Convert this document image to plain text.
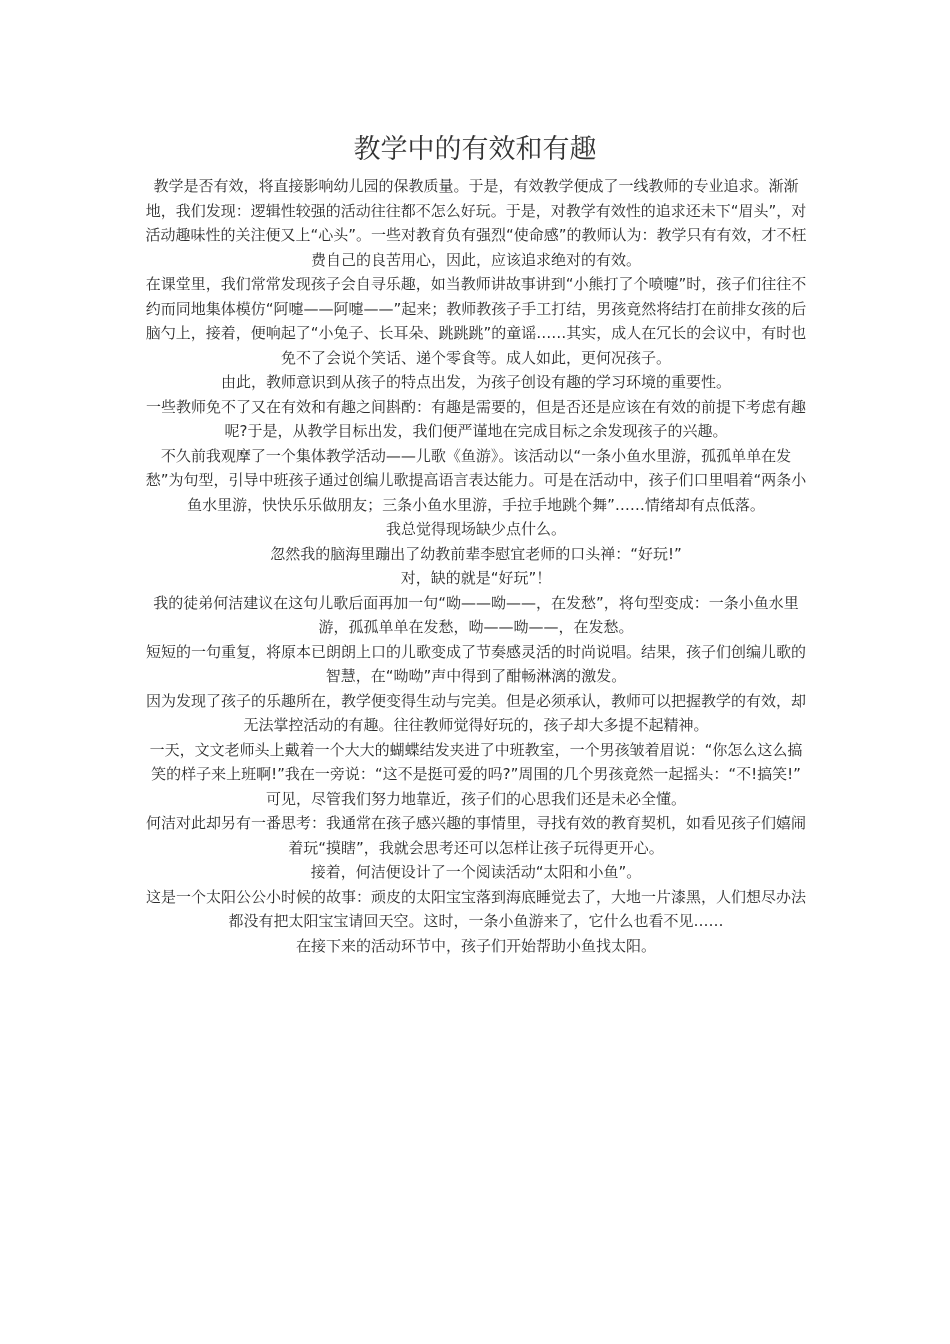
教学中的有效和有趣

教学是否有效，将直接影响幼儿园的保教质量。于是，有效教学便成了一线教师的专业追求。渐渐地，我们发现：逻辑性较强的活动往往都不怎么好玩。于是，对教学有效性的追求还未下“眉头”，对活动趣味性的关注便又上“心头”。一些对教育负有强烈“使命感”的教师认为：教学只有有效，才不枉费自己的良苦用心，因此，应该追求绝对的有效。

在课堂里，我们常常发现孩子会自寻乐趣，如当教师讲故事讲到“小熊打了个喷嚏”时，孩子们往往不约而同地集体模仿“阿嚏——阿嚏——”起来；教师教孩子手工打结，男孩竟然将结打在前排女孩的后脑勺上，接着，便响起了“小兔子、长耳朵、跳跳跳”的童谣……其实，成人在冗长的会议中，有时也免不了会说个笑话、递个零食等。成人如此，更何况孩子。

由此，教师意识到从孩子的特点出发，为孩子创设有趣的学习环境的重要性。

一些教师免不了又在有效和有趣之间斟酌：有趣是需要的，但是否还是应该在有效的前提下考虑有趣呢?于是，从教学目标出发，我们便严谨地在完成目标之余发现孩子的兴趣。

不久前我观摩了一个集体教学活动——儿歌《鱼游》。该活动以“一条小鱼水里游，孤孤单单在发愁”为句型，引导中班孩子通过创编儿歌提高语言表达能力。可是在活动中，孩子们口里唱着“两条小鱼水里游，快快乐乐做朋友；三条小鱼水里游，手拉手地跳个舞”……情绪却有点低落。

我总觉得现场缺少点什么。

忽然我的脑海里蹦出了幼教前辈李慰宜老师的口头禅：“好玩!”

对，缺的就是“好玩”！

我的徒弟何洁建议在这句儿歌后面再加一句“呦——呦——，在发愁”，将句型变成：一条小鱼水里游，孤孤单单在发愁，呦——呦——，在发愁。

短短的一句重复，将原本已朗朗上口的儿歌变成了节奏感灵活的时尚说唱。结果，孩子们创编儿歌的智慧，在“呦呦”声中得到了酣畅淋漓的激发。

因为发现了孩子的乐趣所在，教学便变得生动与完美。但是必须承认，教师可以把握教学的有效，却无法掌控活动的有趣。往往教师觉得好玩的，孩子却大多提不起精神。

一天，文文老师头上戴着一个大大的蝴蝶结发夹进了中班教室，一个男孩皱着眉说：“你怎么这么搞笑的样子来上班啊!”我在一旁说：“这不是挺可爱的吗?”周围的几个男孩竟然一起摇头：“不!搞笑!”

可见，尽管我们努力地靠近，孩子们的心思我们还是未必全懂。

何洁对此却另有一番思考：我通常在孩子感兴趣的事情里，寻找有效的教育契机，如看见孩子们嬉闹着玩“摸瞎”，我就会思考还可以怎样让孩子玩得更开心。

接着，何洁便设计了一个阅读活动“太阳和小鱼”。

这是一个太阳公公小时候的故事：顽皮的太阳宝宝落到海底睡觉去了，大地一片漆黑，人们想尽办法都没有把太阳宝宝请回天空。这时，一条小鱼游来了，它什么也看不见……

在接下来的活动环节中，孩子们开始帮助小鱼找太阳。
